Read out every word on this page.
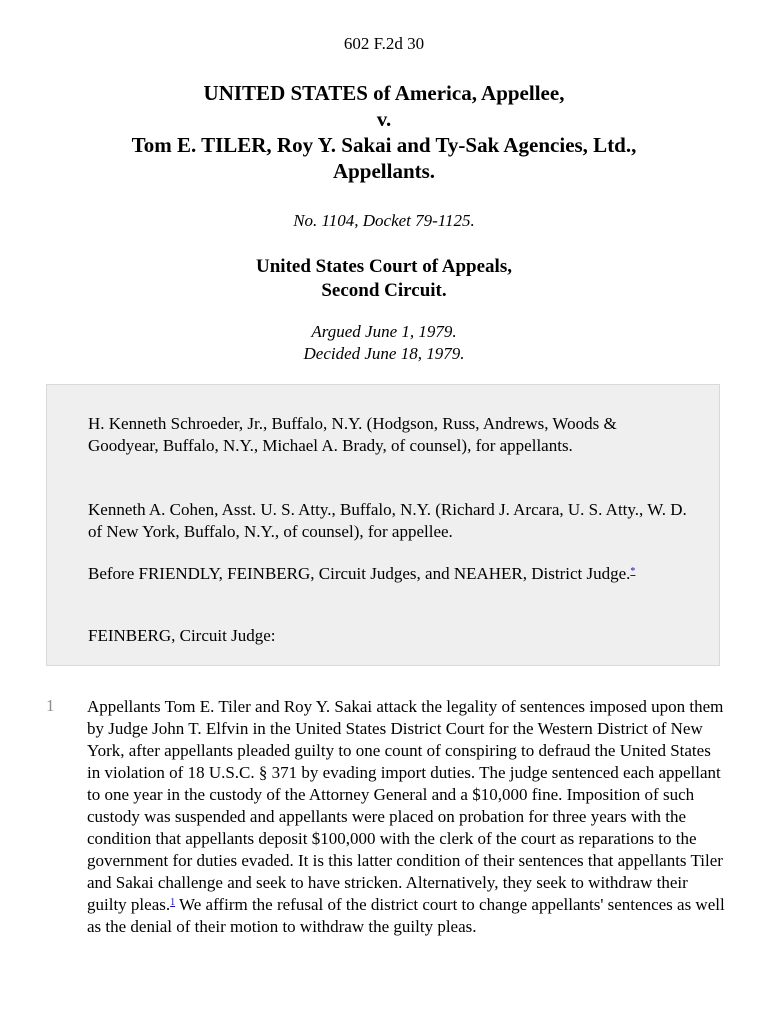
602 F.2d 30
UNITED STATES of America, Appellee,
v.
Tom E. TILER, Roy Y. Sakai and Ty-Sak Agencies, Ltd.,
Appellants.
No. 1104, Docket 79-1125.
United States Court of Appeals,
Second Circuit.
Argued June 1, 1979.
Decided June 18, 1979.

H. Kenneth Schroeder, Jr., Buffalo, N.Y. (Hodgson, Russ, Andrews, Woods & Goodyear, Buffalo, N.Y., Michael A. Brady, of counsel), for appellants.

Kenneth A. Cohen, Asst. U. S. Atty., Buffalo, N.Y. (Richard J. Arcara, U. S. Atty., W. D. of New York, Buffalo, N.Y., of counsel), for appellee.

Before FRIENDLY, FEINBERG, Circuit Judges, and NEAHER, District Judge.*

FEINBERG, Circuit Judge:

1 Appellants Tom E. Tiler and Roy Y. Sakai attack the legality of sentences imposed upon them by Judge John T. Elfvin in the United States District Court for the Western District of New York, after appellants pleaded guilty to one count of conspiring to defraud the United States in violation of 18 U.S.C. § 371 by evading import duties. The judge sentenced each appellant to one year in the custody of the Attorney General and a $10,000 fine. Imposition of such custody was suspended and appellants were placed on probation for three years with the condition that appellants deposit $100,000 with the clerk of the court as reparations to the government for duties evaded. It is this latter condition of their sentences that appellants Tiler and Sakai challenge and seek to have stricken. Alternatively, they seek to withdraw their guilty pleas.$^1$ We affirm the refusal of the district court to change appellants' sentences as well as the denial of their motion to withdraw the guilty pleas.
